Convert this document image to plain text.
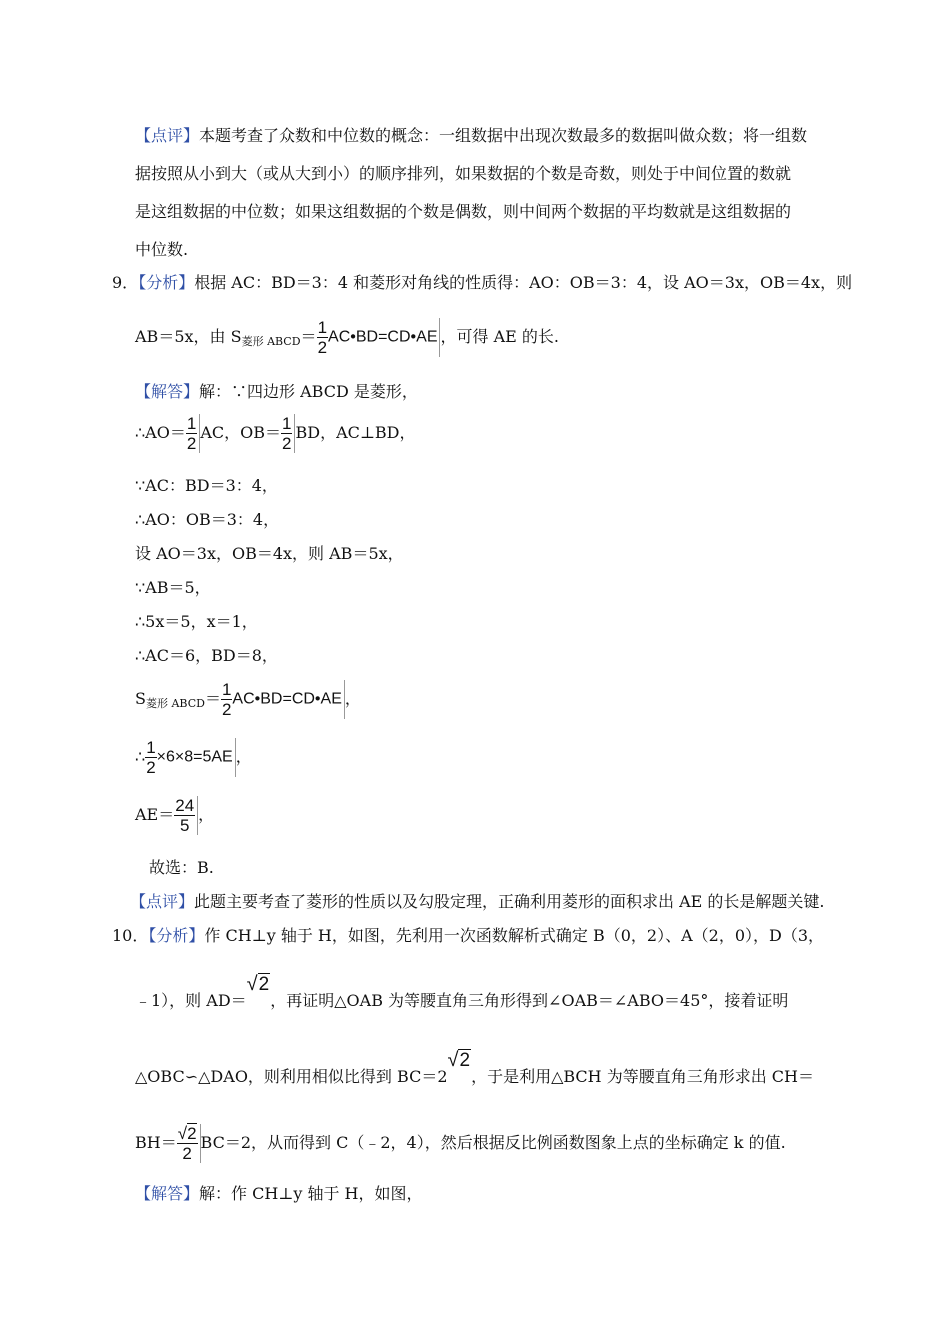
【点评】本题考查了众数和中位数的概念：一组数据中出现次数最多的数据叫做众数；将一组数
据按照从小到大（或从大到小）的顺序排列，如果数据的个数是奇数，则处于中间位置的数就
是这组数据的中位数；如果这组数据的个数是偶数，则中间两个数据的平均数就是这组数据的
中位数.
9．【分析】根据 AC：BD＝3：4 和菱形对角线的性质得：AO：OB＝3：4，设 AO＝3x，OB＝4x，则
AB＝5x，由 S菱形 ABCD＝ $\frac{1}{2}$ AC•BD=CD•AE ，可得 AE 的长.
【解答】解：∵四边形 ABCD 是菱形，
∴AO＝ $\frac{1}{2}$ AC，$OB= \frac{1}{2}$ BD，AC⊥BD，
∵AC：BD＝3：4，
∴AO：OB＝3：4，
设 AO＝3x，OB＝4x，则 AB＝5x，
∵AB＝5，
∴5x＝5，x＝1，
∴AC＝6，BD＝8，
S菱形 ABCD＝ $\frac{1}{2}$ AC•BD=CD•AE ，
∴ $\frac{1}{2} \times 6\times 8=5AE$ ，
$AE= \frac{24}{5}$ ，
故选：B.
【点评】此题主要考查了菱形的性质以及勾股定理，正确利用菱形的面积求出 AE 的长是解题关键.
10．【分析】作 CH⊥y 轴于 H，如图，先利用一次函数解析式确定 B（0，2）、A（2，0），D（3，
﹣1），则 AD＝√2，再证明△OAB 为等腰直角三角形得到∠OAB＝∠ABO＝45°，接着证明
△OBC∽△DAO，则利用相似比得到 BC＝2√2，于是利用△BCH 为等腰直角三角形求出 CH＝
$BH= \frac{√2}{2} BC=2$，从而得到 C（﹣2，4），然后根据反比例函数图象上点的坐标确定 k 的值.
【解答】解：作 CH⊥y 轴于 H，如图，
